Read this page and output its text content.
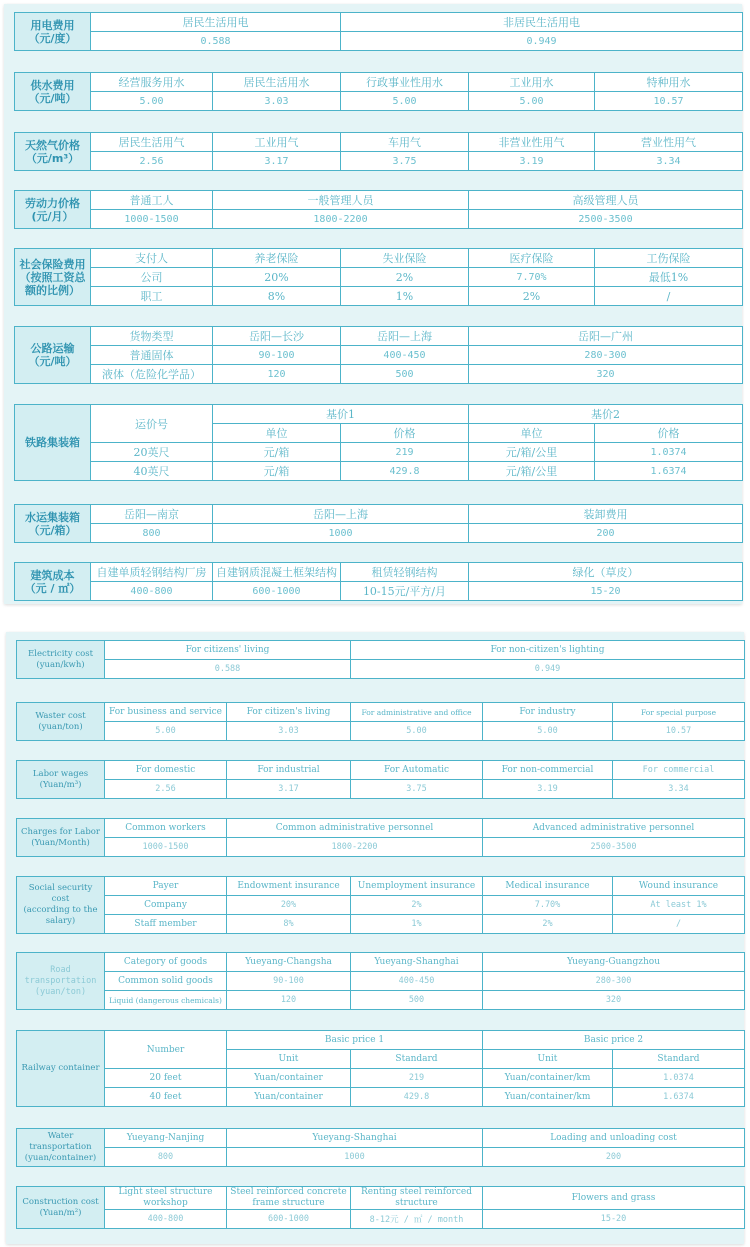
用电费用
（元/度）	居民生活用电	非居民生活用电
	0.588	0.949
供水费用
（元/吨）	经营服务用水	居民生活用水	行政事业性用水	工业用水	特种用水
	5.00	3.03	5.00	5.00	10.57
天然气价格
（元/m³）	居民生活用气	工业用气	车用气	非营业性用气	营业性用气
	2.56	3.17	3.75	3.19	3.34
劳动力价格
(元/月）	普通工人	一般管理人员	高级管理人员
	1000-1500	1800-2200	2500-3500
社会保险费用
（按照工资总额的比例）	支付人	养老保险	失业保险	医疗保险	工伤保险
	公司	20%	2%	7.70%	最低1%
	职工	8%	1%	2%	/
公路运输
（元/吨）	货物类型	岳阳—长沙	岳阳—上海	岳阳—广州
	普通固体	90-100	400-450	280-300
	液体（危险化学品）	120	500	320
铁路集装箱	运价号	基价1		基价2	
		单位	价格	单位	价格
	20英尺	元/箱	219	元/箱/公里	1.0374
	40英尺	元/箱	429.8	元/箱/公里	1.6374
水运集装箱
（元/箱）	岳阳—南京	岳阳—上海	装卸费用
	800	1000	200
建筑成本
（元 / ㎡）	自建单质轻钢结构厂房	自建钢质混凝土框架结构	租赁轻钢结构	绿化（草皮）
	400-800	600-1000	10-15元/平方/月	15-20
Electricity cost
(yuan/kwh)	For citizens' living	For non-citizen's lighting
	0.588	0.949
Waster cost
(yuan/ton)	For business and service	For citizen's living	For administrative and office	For industry	For special purpose
	5.00	3.03	5.00	5.00	10.57
Labor wages
(Yuan/m³)	For domestic	For industrial	For Automatic	For non-commercial	For commercial
	2.56	3.17	3.75	3.19	3.34
Charges for Labor
(Yuan/Month)	Common workers	Common administrative personnel	Advanced administrative personnel
	1000-1500	1800-2200	2500-3500
Social security cost
(according to the salary)	Payer	Endowment insurance	Unemployment insurance	Medical insurance	Wound insurance
	Company	20%	2%	7.70%	At least 1%
	Staff member	8%	1%	2%	/
Road
transportation
(yuan/ton)	Category of goods	Yueyang-Changsha	Yueyang-Shanghai	Yueyang-Guangzhou
	Common solid goods	90-100	400-450	280-300
	Liquid (dangerous chemicals)	120	500	320
Railway container	Number	Basic price 1		Basic price 2	
		Unit	Standard	Unit	Standard
	20 feet	Yuan/container	219	Yuan/container/km	1.0374
	40 feet	Yuan/container	429.8	Yuan/container/km	1.6374
Water
transportation
(yuan/container)	Yueyang-Nanjing	Yueyang-Shanghai	Loading and unloading cost
	800	1000	200
Construction cost
(Yuan/m²)	Light steel structure workshop	Steel reinforced concrete frame structure	Renting steel reinforced structure	Flowers and grass
	400-800	600-1000	8-12元 / ㎡ / month	15-20
